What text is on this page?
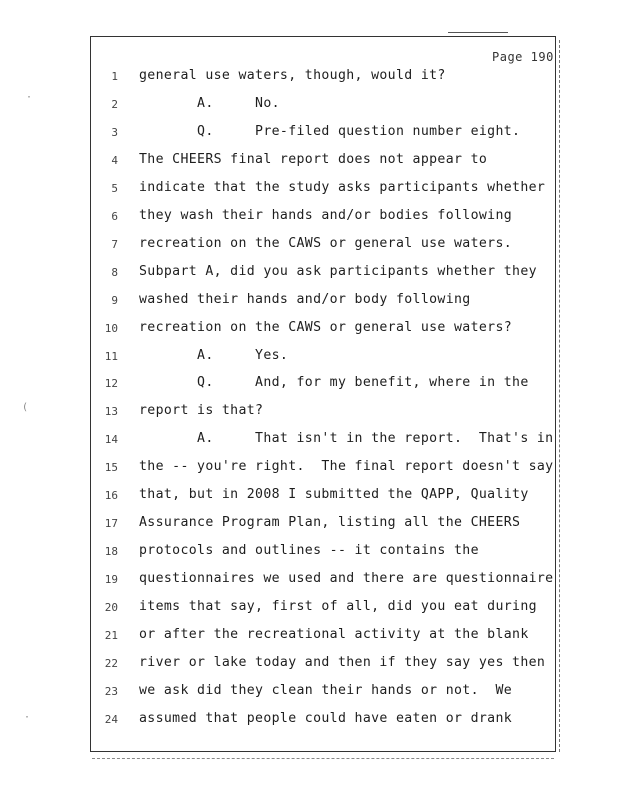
Page 190
·
(
·
1 general use waters, though, would it?
2 A.     No.
3 Q.     Pre-filed question number eight.
4 The CHEERS final report does not appear to
5 indicate that the study asks participants whether
6 they wash their hands and/or bodies following
7 recreation on the CAWS or general use waters.
8 Subpart A, did you ask participants whether they
9 washed their hands and/or body following
10 recreation on the CAWS or general use waters?
11 A.     Yes.
12 Q.     And, for my benefit, where in the
13 report is that?
14 A.     That isn't in the report.  That's in
15 the -- you're right.  The final report doesn't say
16 that, but in 2008 I submitted the QAPP, Quality
17 Assurance Program Plan, listing all the CHEERS
18 protocols and outlines -- it contains the
19 questionnaires we used and there are questionnaire
20 items that say, first of all, did you eat during
21 or after the recreational activity at the blank
22 river or lake today and then if they say yes then
23 we ask did they clean their hands or not.  We
24 assumed that people could have eaten or drank
